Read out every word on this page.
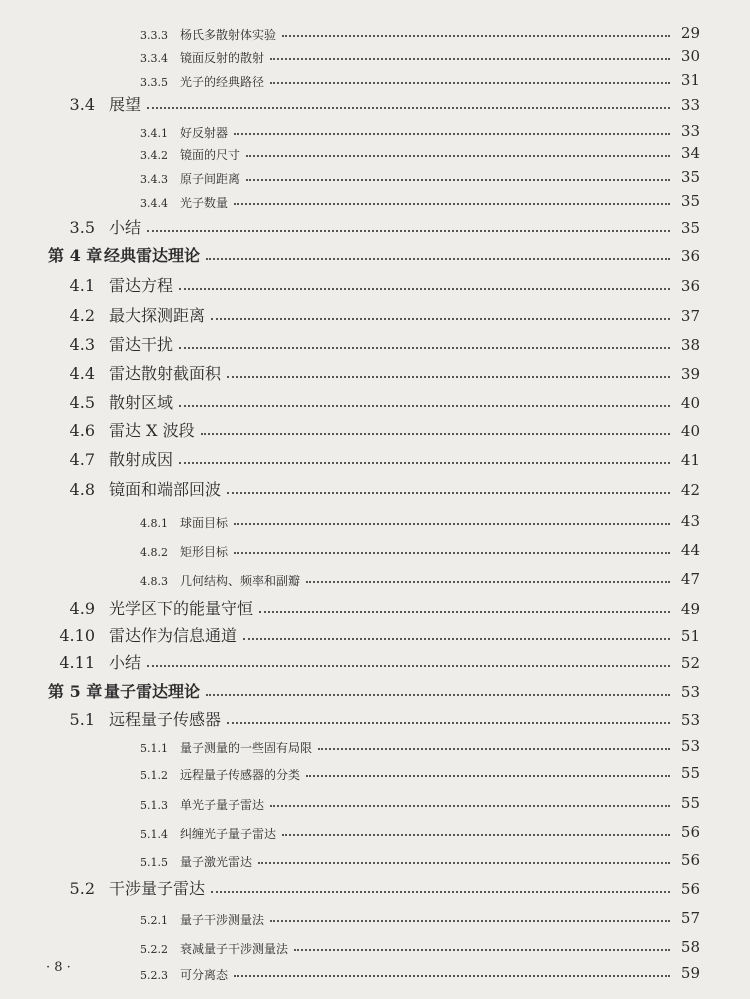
3.3.3	杨氏多散射体实验	29
3.3.4	镜面反射的散射	30
3.3.5	光子的经典路径	31
3.4 展望	33
3.4.1	好反射器	33
3.4.2	镜面的尺寸	34
3.4.3	原子间距离	35
3.4.4	光子数量	35
3.5 小结	35
第 4 章 经典雷达理论	36
4.1 雷达方程	36
4.2 最大探测距离	37
4.3 雷达干扰	38
4.4 雷达散射截面积	39
4.5 散射区域	40
4.6 雷达 X 波段	40
4.7 散射成因	41
4.8 镜面和端部回波	42
4.8.1	球面目标	43
4.8.2	矩形目标	44
4.8.3	几何结构、频率和副瓣	47
4.9 光学区下的能量守恒	49
4.10 雷达作为信息通道	51
4.11 小结	52
第 5 章 量子雷达理论	53
5.1 远程量子传感器	53
5.1.1	量子测量的一些固有局限	53
5.1.2	远程量子传感器的分类	55
5.1.3	单光子量子雷达	55
5.1.4	纠缠光子量子雷达	56
5.1.5	量子激光雷达	56
5.2 干涉量子雷达	56
5.2.1	量子干涉测量法	57
5.2.2	衰减量子干涉测量法	58
5.2.3	可分离态	59
· 8 ·
